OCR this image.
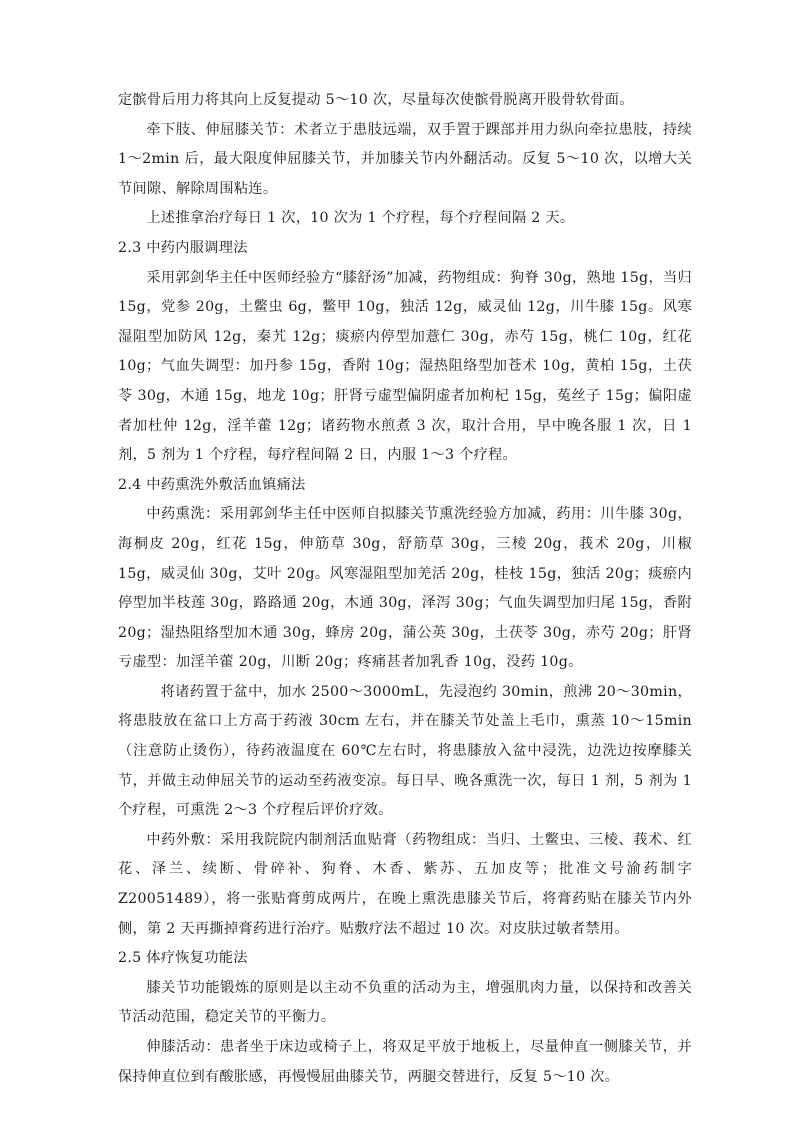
定髌骨后用力将其向上反复提动 5～10 次，尽量每次使髌骨脱离开股骨软骨面。

牵下肢、伸屈膝关节：术者立于患肢远端，双手置于踝部并用力纵向牵拉患肢，持续 1～2min 后，最大限度伸屈膝关节，并加膝关节内外翻活动。反复 5～10 次，以增大关节间隙、解除周围粘连。

上述推拿治疗每日 1 次，10 次为 1 个疗程，每个疗程间隔 2 天。

2.3 中药内服调理法

采用郭剑华主任中医师经验方“膝舒汤”加减，药物组成：狗脊 30g，熟地 15g，当归 15g，党参 20g，土鳖虫 6g，鳖甲 10g，独活 12g，威灵仙 12g，川牛膝 15g。风寒湿阻型加防风 12g，秦艽 12g；痰瘀内停型加薏仁 30g，赤芍 15g，桃仁 10g，红花 10g；气血失调型：加丹参 15g，香附 10g；湿热阻络型加苍术 10g，黄柏 15g，土茯苓 30g，木通 15g，地龙 10g；肝肾亏虚型偏阴虚者加枸杞 15g，菟丝子 15g；偏阳虚者加杜仲 12g，淫羊藿 12g；诸药物水煎煮 3 次，取汁合用，早中晚各服 1 次，日 1 剂，5 剂为 1 个疗程，每疗程间隔 2 日，内服 1～3 个疗程。

2.4 中药熏洗外敷活血镇痛法

中药熏洗：采用郭剑华主任中医师自拟膝关节熏洗经验方加减，药用：川牛膝 30g，海桐皮 20g，红花 15g，伸筋草 30g，舒筋草 30g，三棱 20g，莪术 20g，川椒 15g，威灵仙 30g，艾叶 20g。风寒湿阻型加羌活 20g，桂枝 15g，独活 20g；痰瘀内停型加半枝莲 30g，路路通 20g，木通 30g，泽泻 30g；气血失调型加归尾 15g，香附 20g；湿热阻络型加木通 30g，蜂房 20g，蒲公英 30g，土茯苓 30g，赤芍 20g；肝肾亏虚型：加淫羊藿 20g，川断 20g；疼痛甚者加乳香 10g，没药 10g。

将诸药置于盆中，加水 2500～3000mL，先浸泡约 30min，煎沸 20～30min，将患肢放在盆口上方高于药液 30cm 左右，并在膝关节处盖上毛巾，熏蒸 10～15min（注意防止烫伤），待药液温度在 60℃左右时，将患膝放入盆中浸洗，边洗边按摩膝关节，并做主动伸屈关节的运动至药液变凉。每日早、晚各熏洗一次，每日 1 剂，5 剂为 1 个疗程，可熏洗 2～3 个疗程后评价疗效。

中药外敷：采用我院院内制剂活血贴膏（药物组成：当归、土鳖虫、三棱、莪术、红花、泽兰、续断、骨碎补、狗脊、木香、紫苏、五加皮等；批准文号渝药制字 Z20051489），将一张贴膏剪成两片，在晚上熏洗患膝关节后，将膏药贴在膝关节内外侧，第 2 天再撕掉膏药进行治疗。贴敷疗法不超过 10 次。对皮肤过敏者禁用。

2.5 体疗恢复功能法

膝关节功能锻炼的原则是以主动不负重的活动为主，增强肌肉力量，以保持和改善关节活动范围，稳定关节的平衡力。

伸膝活动：患者坐于床边或椅子上，将双足平放于地板上，尽量伸直一侧膝关节，并保持伸直位到有酸胀感，再慢慢屈曲膝关节，两腿交替进行，反复 5～10 次。
